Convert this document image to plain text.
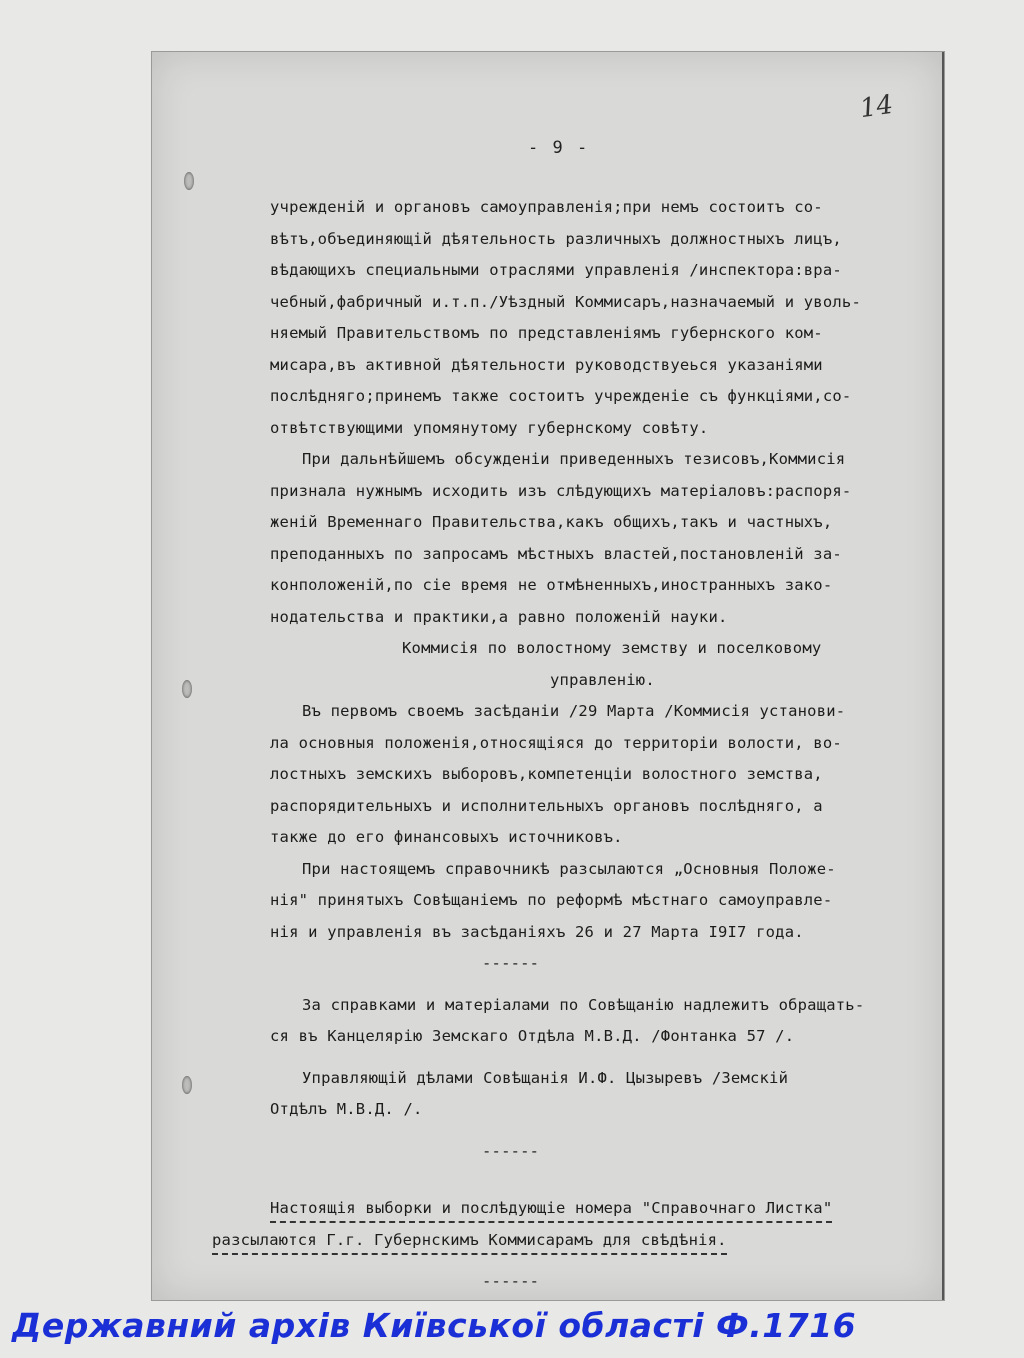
14
- 9 -
учрежденій и органовъ самоуправленія;при немъ состоитъ со-
вѣтъ,объединяющій дѣятельность различныхъ должностныхъ лицъ,
вѣдающихъ специальными отраслями управленія /инспектора:вра-
чебный,фабричный и.т.п./Уѣздный Коммисаръ,назначаемый и уволь-
няемый Правительствомъ по представленіямъ губернского ком-
мисара,въ активной дѣятельности руководствуеься указаніями
послѣдняго;принемъ также состоитъ учрежденіе съ функціями,со-
отвѣтствующими упомянутому губернскому совѣту.
При дальнѣйшемъ обсужденіи приведенныхъ тезисовъ,Коммисія
признала нужнымъ исходить изъ слѣдующихъ матеріаловъ:распоря-
женій Временнаго Правительства,какъ общихъ,такъ и частныхъ,
преподанныхъ по запросамъ мѣстныхъ властей,постановленій за-
конположеній,по сіе время не отмѣненныхъ,иностранныхъ зако-
нодательства и практики,а равно положеній науки.
Коммисія по волостному земству и поселковому
управленію.
Въ первомъ своемъ засѣданіи /29 Марта /Коммисія установи-
ла основныя положенія,относящіяся до территоріи волости, во-
лостныхъ земскихъ выборовъ,компетенціи волостного земства,
распорядительныхъ и исполнительныхъ органовъ послѣдняго, а
также до его финансовыхъ источниковъ.
При настоящемъ справочникѣ разсылаются „Основныя Положе-
нія" принятыхъ Совѣщаніемъ по реформѣ мѣстнаго самоуправле-
нія и управленія въ засѣданіяхъ 26 и 27 Марта I9I7 года.
------
За справками и матеріалами по Совѣщанію надлежитъ обращать-
ся въ Канцелярію Земскаго Отдѣла М.В.Д. /Фонтанка 57 /.
Управляющій дѣлами Совѣщанія И.Ф. Цызыревъ /Земскій
Отдѣлъ М.В.Д. /.
------
Настоящія выборки и послѣдующіе номера "Справочнаго Листка"
разсылаются Г.г. Губернскимъ Коммисарамъ для свѣдѣнія.
------
Державний архів Київської області Ф.1716
